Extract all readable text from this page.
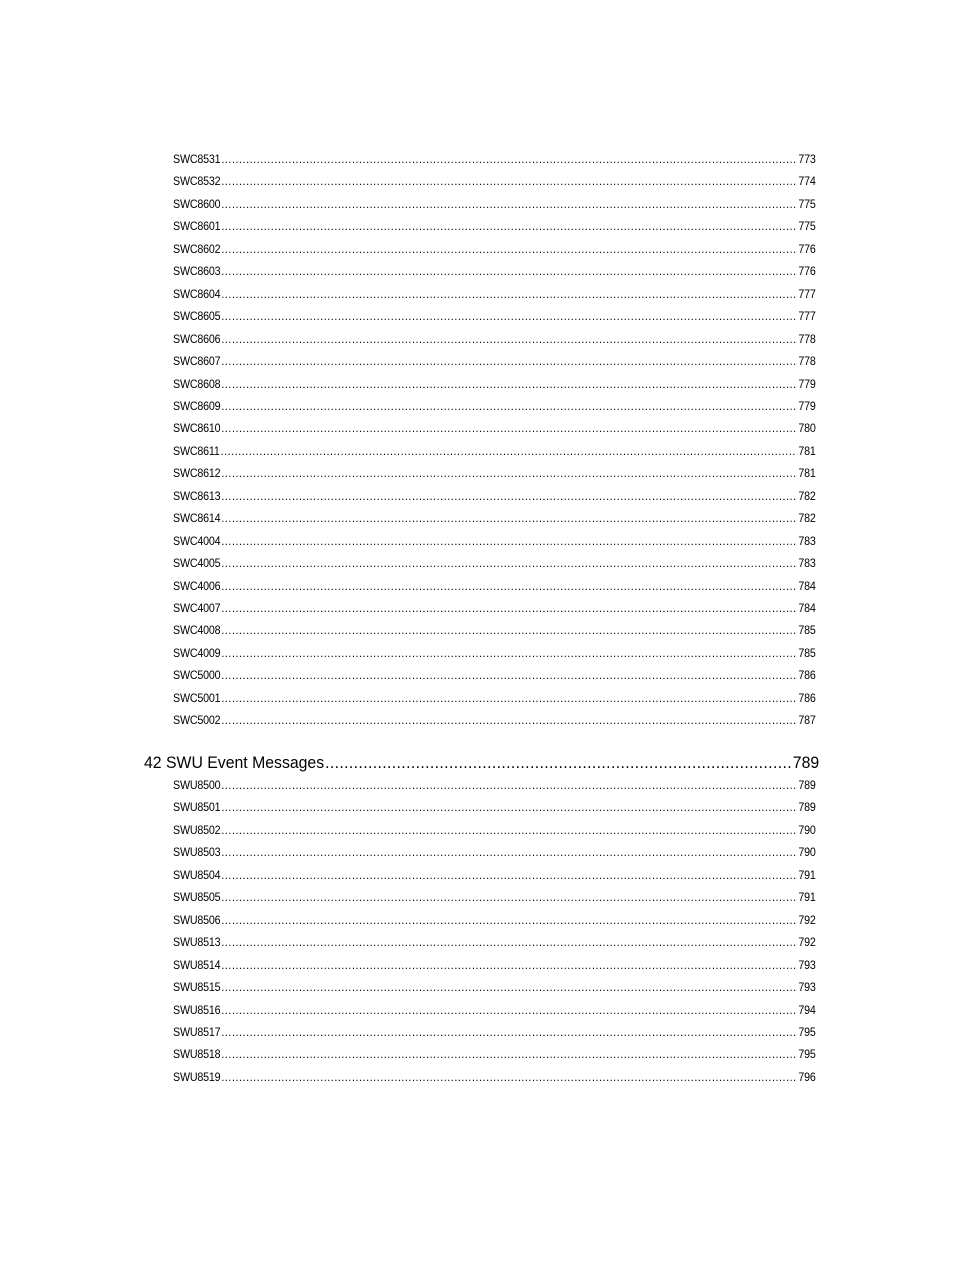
SWC8531 .....	773
SWC8532 .....	774
SWC8600 .....	775
SWC8601 .....	775
SWC8602 .....	776
SWC8603 .....	776
SWC8604 .....	777
SWC8605 .....	777
SWC8606 .....	778
SWC8607 .....	778
SWC8608 .....	779
SWC8609 .....	779
SWC8610 .....	780
SWC8611 .....	781
SWC8612 .....	781
SWC8613 .....	782
SWC8614 .....	782
SWC4004 .....	783
SWC4005 .....	783
SWC4006 .....	784
SWC4007 .....	784
SWC4008 .....	785
SWC4009 .....	785
SWC5000 .....	786
SWC5001 .....	786
SWC5002 .....	787
42 SWU Event Messages .....	789
SWU8500 .....	789
SWU8501 .....	789
SWU8502 .....	790
SWU8503 .....	790
SWU8504 .....	791
SWU8505 .....	791
SWU8506 .....	792
SWU8513 .....	792
SWU8514 .....	793
SWU8515 .....	793
SWU8516 .....	794
SWU8517 .....	795
SWU8518 .....	795
SWU8519 .....	796
